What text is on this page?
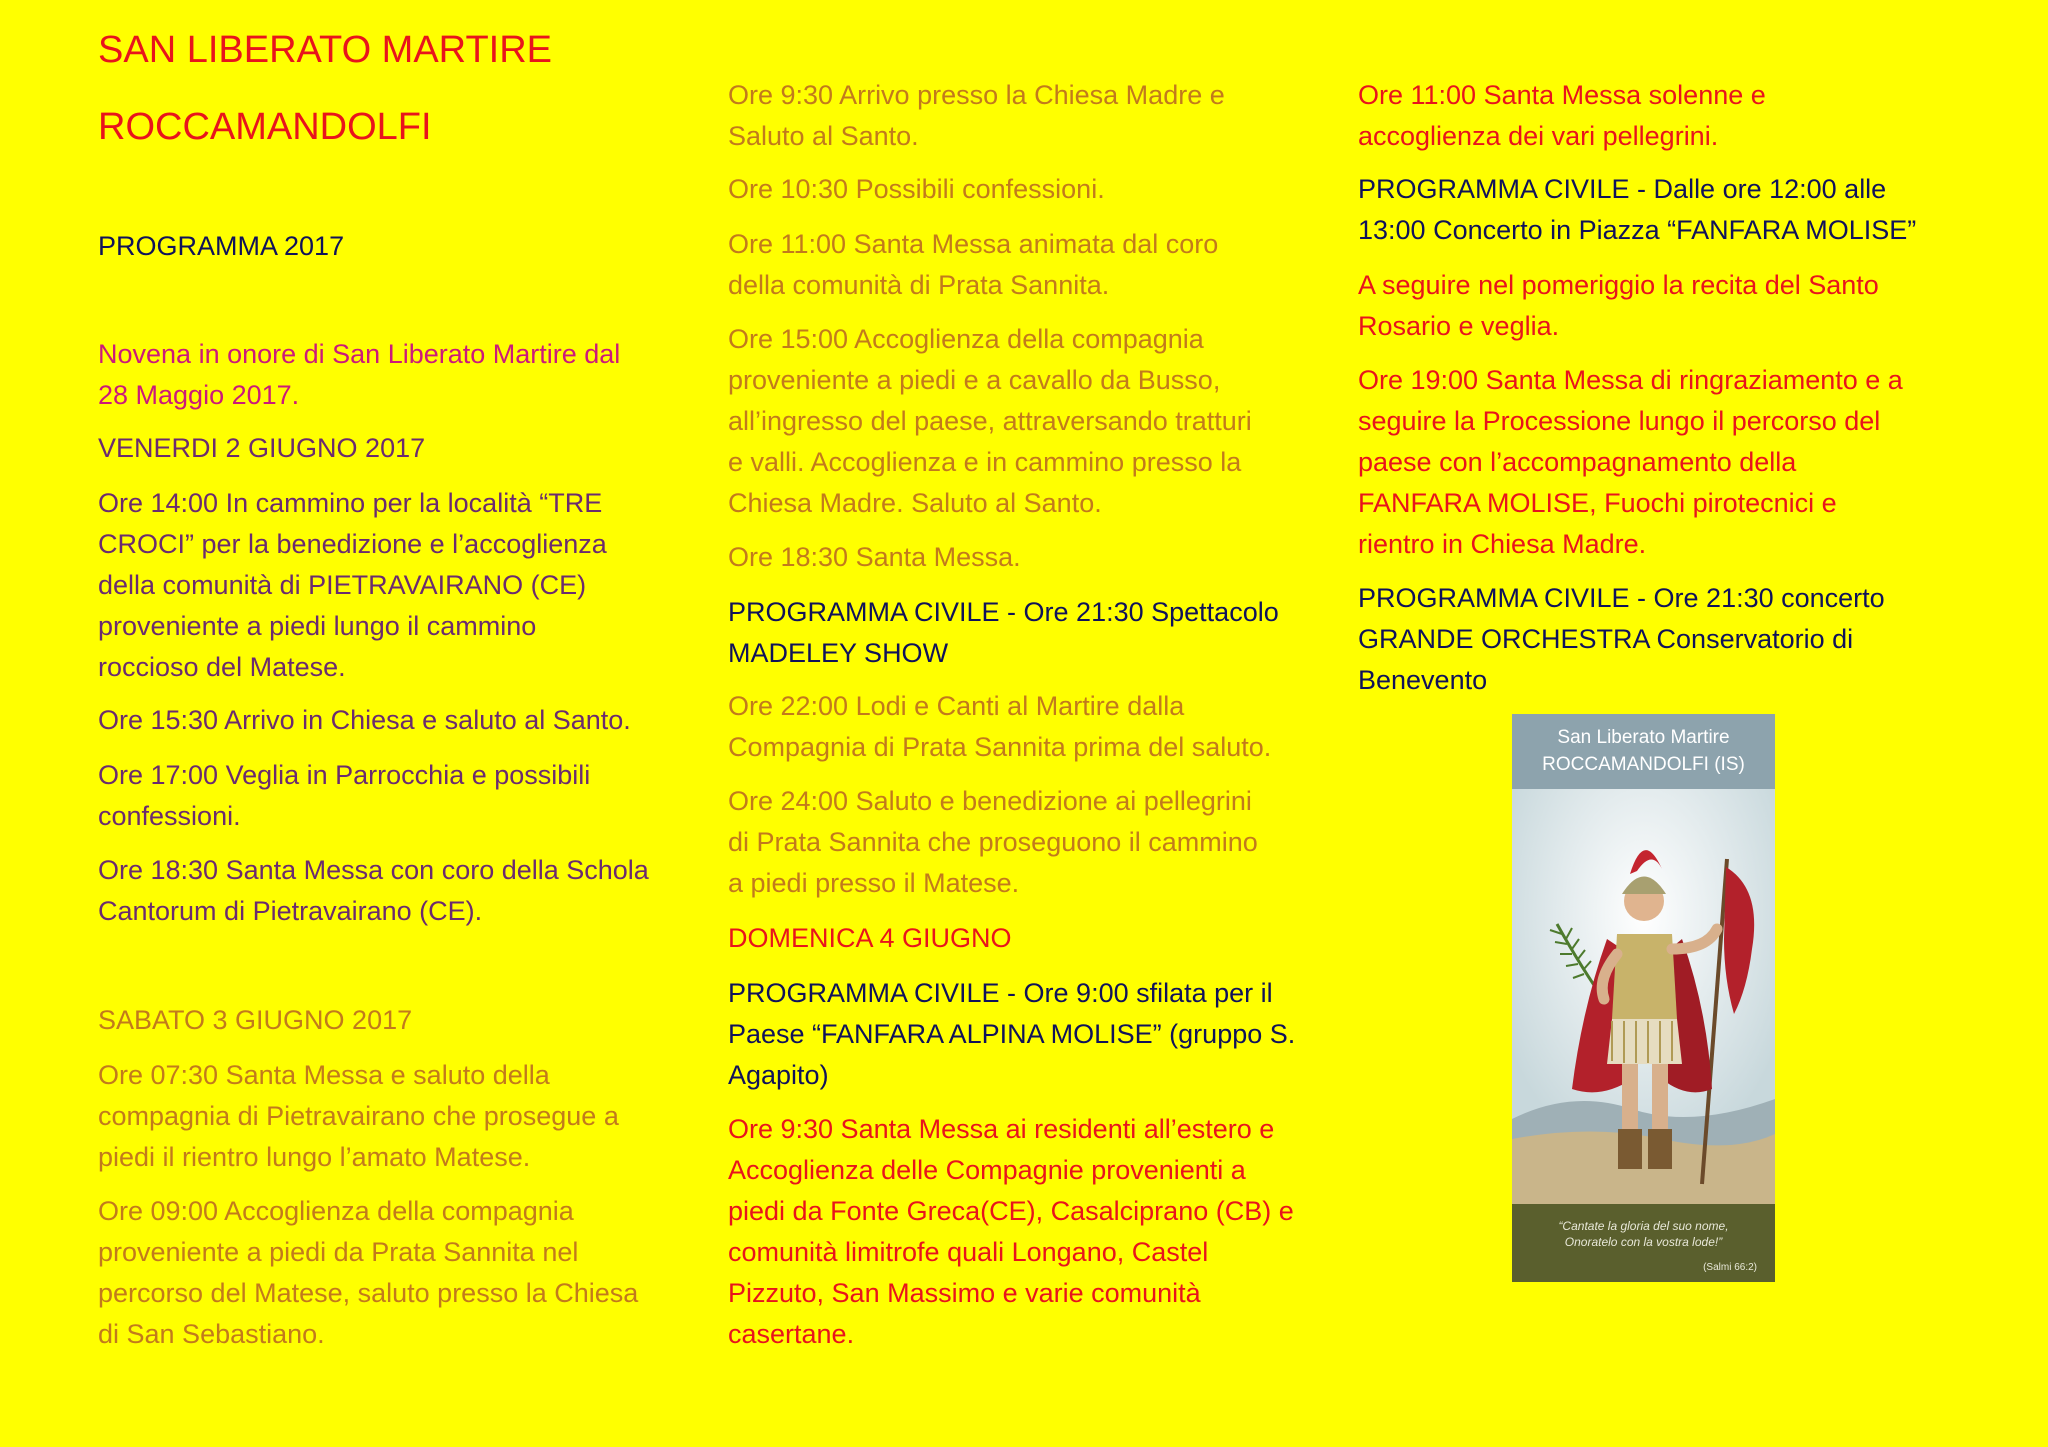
SAN LIBERATO MARTIRE

ROCCAMANDOLFI

PROGRAMMA 2017

Novena in onore di San Liberato Martire dal
28 Maggio 2017.

VENERDI 2 GIUGNO 2017

Ore 14:00 In cammino per la località “TRE
CROCI” per la benedizione e l’accoglienza
della comunità di PIETRAVAIRANO (CE)
proveniente a piedi lungo il cammino
roccioso del Matese.

Ore 15:30 Arrivo in Chiesa e saluto al Santo.

Ore 17:00 Veglia in Parrocchia e possibili
confessioni.

Ore 18:30 Santa Messa con coro della Schola
Cantorum di Pietravairano (CE).

SABATO 3 GIUGNO 2017

Ore 07:30 Santa Messa e saluto della
compagnia di Pietravairano che prosegue a
piedi il rientro lungo l’amato Matese.

Ore 09:00 Accoglienza della compagnia
proveniente a piedi da Prata Sannita nel
percorso del Matese, saluto presso la Chiesa
di San Sebastiano.

Ore 9:30 Arrivo presso la Chiesa Madre e
Saluto al Santo.

Ore 10:30 Possibili confessioni.

Ore 11:00 Santa Messa animata dal coro
della comunità di Prata Sannita.

Ore 15:00 Accoglienza della compagnia
proveniente a piedi e a cavallo da Busso,
all’ingresso del paese, attraversando tratturi
e valli. Accoglienza e in cammino presso la
Chiesa Madre. Saluto al Santo.

Ore 18:30 Santa Messa.

PROGRAMMA CIVILE - Ore 21:30 Spettacolo
MADELEY SHOW

Ore 22:00 Lodi e Canti al Martire dalla
Compagnia di Prata Sannita prima del saluto.

Ore 24:00 Saluto e benedizione ai pellegrini
di Prata Sannita che proseguono il cammino
a piedi presso il Matese.

DOMENICA 4 GIUGNO

PROGRAMMA CIVILE - Ore 9:00 sfilata per il
Paese “FANFARA ALPINA MOLISE” (gruppo S.
Agapito)

Ore 9:30 Santa Messa ai residenti all’estero e
Accoglienza delle Compagnie provenienti a
piedi da Fonte Greca(CE), Casalciprano (CB) e
comunità limitrofe quali Longano, Castel
Pizzuto, San Massimo e varie comunità
casertane.

Ore 11:00 Santa Messa solenne e
accoglienza dei vari pellegrini.

PROGRAMMA CIVILE - Dalle ore 12:00 alle
13:00 Concerto in Piazza “FANFARA MOLISE”

A seguire nel pomeriggio la recita del Santo
Rosario e veglia.

Ore 19:00 Santa Messa di ringraziamento e a
seguire la Processione lungo il percorso del
paese con l’accompagnamento della
FANFARA MOLISE, Fuochi pirotecnici e
rientro in Chiesa Madre.

PROGRAMMA CIVILE - Ore 21:30 concerto
GRANDE ORCHESTRA Conservatorio di
Benevento

San Liberato Martire
ROCCAMANDOLFI (IS)
“Cantate la gloria del suo nome,
Onoratelo con la vostra lode!”
(Salmi 66:2)
